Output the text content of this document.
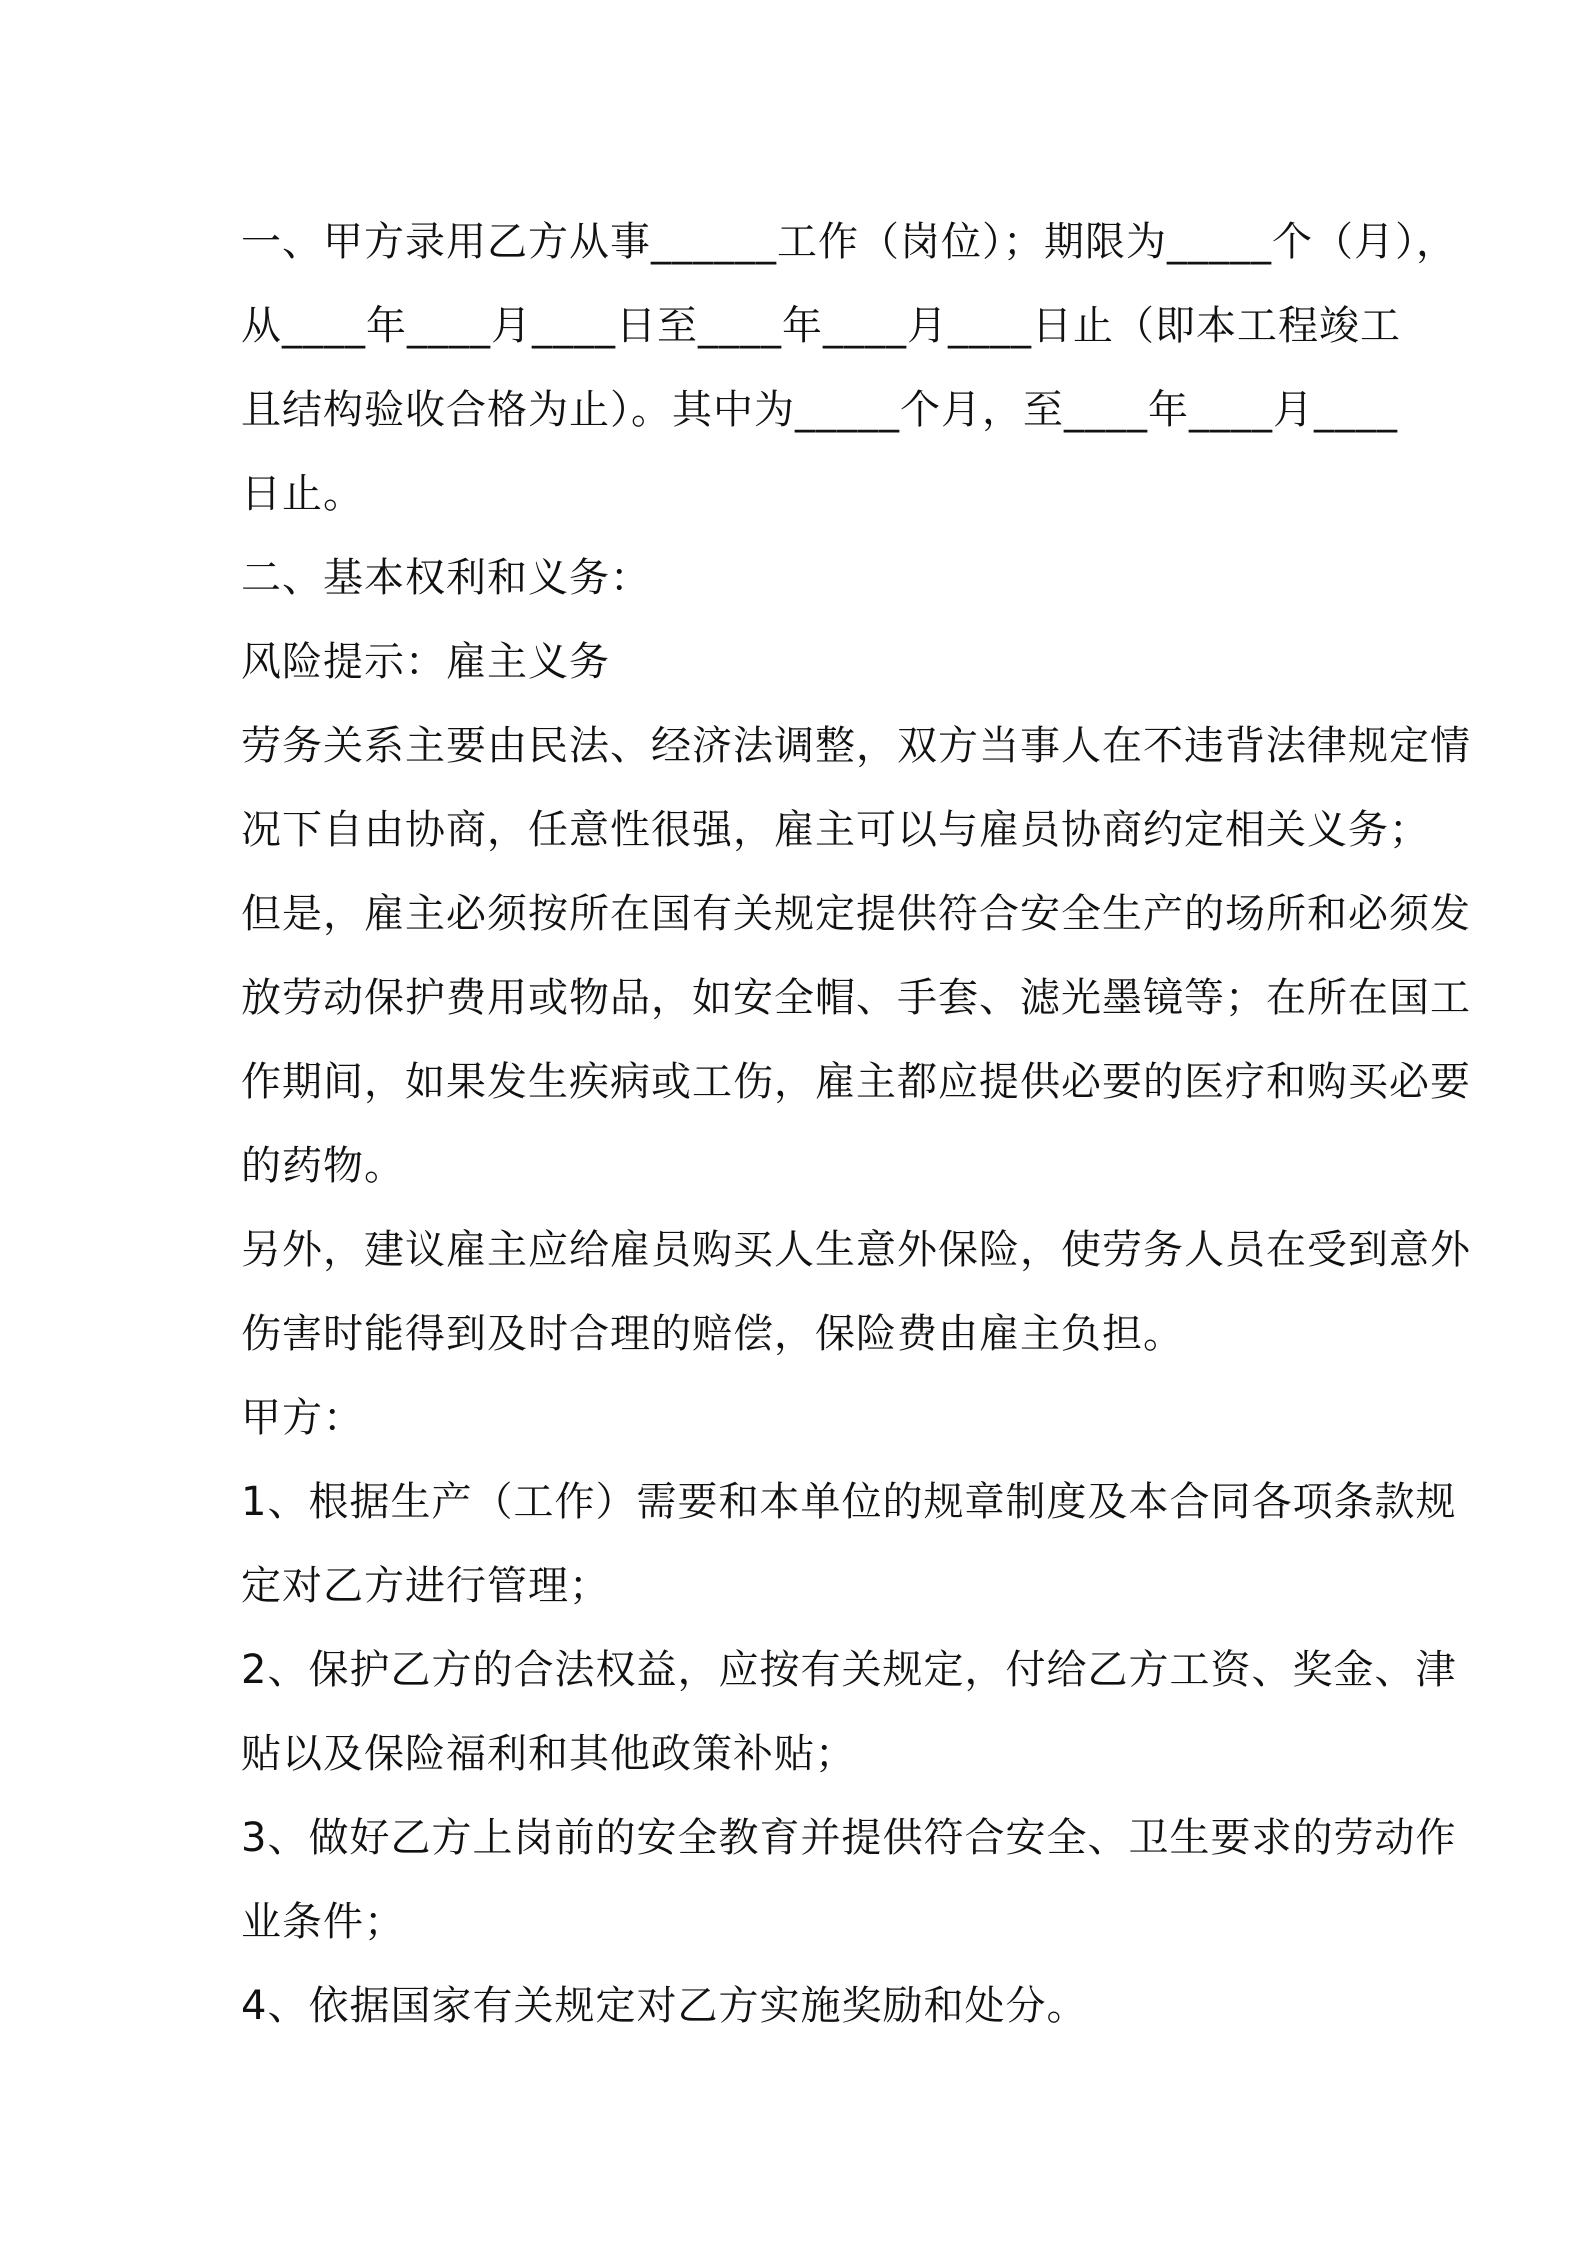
一、甲方录用乙方从事______工作（岗位）；期限为_____个（月），
从____年____月____日至____年____月____日止（即本工程竣工
且结构验收合格为止）。其中为_____个月，至____年____月____
日止。
二、基本权利和义务：
风险提示：雇主义务
劳务关系主要由民法、经济法调整，双方当事人在不违背法律规定情
况下自由协商，任意性很强，雇主可以与雇员协商约定相关义务；
但是，雇主必须按所在国有关规定提供符合安全生产的场所和必须发
放劳动保护费用或物品，如安全帽、手套、滤光墨镜等；在所在国工
作期间，如果发生疾病或工伤，雇主都应提供必要的医疗和购买必要
的药物。
另外，建议雇主应给雇员购买人生意外保险，使劳务人员在受到意外
伤害时能得到及时合理的赔偿，保险费由雇主负担。
甲方：
1、根据生产（工作）需要和本单位的规章制度及本合同各项条款规
定对乙方进行管理；
2、保护乙方的合法权益，应按有关规定，付给乙方工资、奖金、津
贴以及保险福利和其他政策补贴；
3、做好乙方上岗前的安全教育并提供符合安全、卫生要求的劳动作
业条件；
4、依据国家有关规定对乙方实施奖励和处分。
